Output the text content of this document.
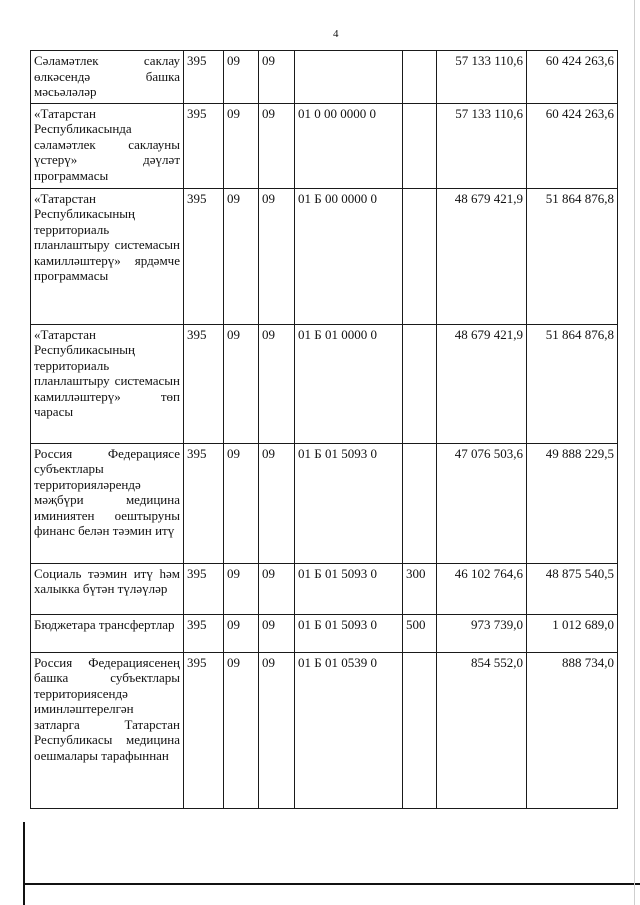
4
Сәламәтлек саклау өлкәсендә башка мәсьәләләр	395	09	09			57 133 110,6	60 424 263,6
«Татарстан Республикасында сәламәтлек саклауны үстерү» дәүләт программасы	395	09	09	01 0 00 0000 0		57 133 110,6	60 424 263,6
«Татарстан Республикасының территориаль планлаштыру системасын камилләштерү» ярдәмче программасы	395	09	09	01 Б 00 0000 0		48 679 421,9	51 864 876,8
«Татарстан Республикасының территориаль планлаштыру системасын камилләштерү» төп чарасы	395	09	09	01 Б 01 0000 0		48 679 421,9	51 864 876,8
Россия Федерациясе субъектлары территорияләрендә мәҗбүри медицина иминиятен оештыруны финанс белән тәэмин итү	395	09	09	01 Б 01 5093 0		47 076 503,6	49 888 229,5
Социаль тәэмин итү һәм халыкка бүтән түләүләр	395	09	09	01 Б 01 5093 0	300	46 102 764,6	48 875 540,5
Бюджетара трансфертлар	395	09	09	01 Б 01 5093 0	500	973 739,0	1 012 689,0
Россия Федерациясенең башка субъектлары территориясендә иминләштерелгән затларга Татарстан Республикасы медицина оешмалары тарафыннан	395	09	09	01 Б 01 0539 0		854 552,0	888 734,0
